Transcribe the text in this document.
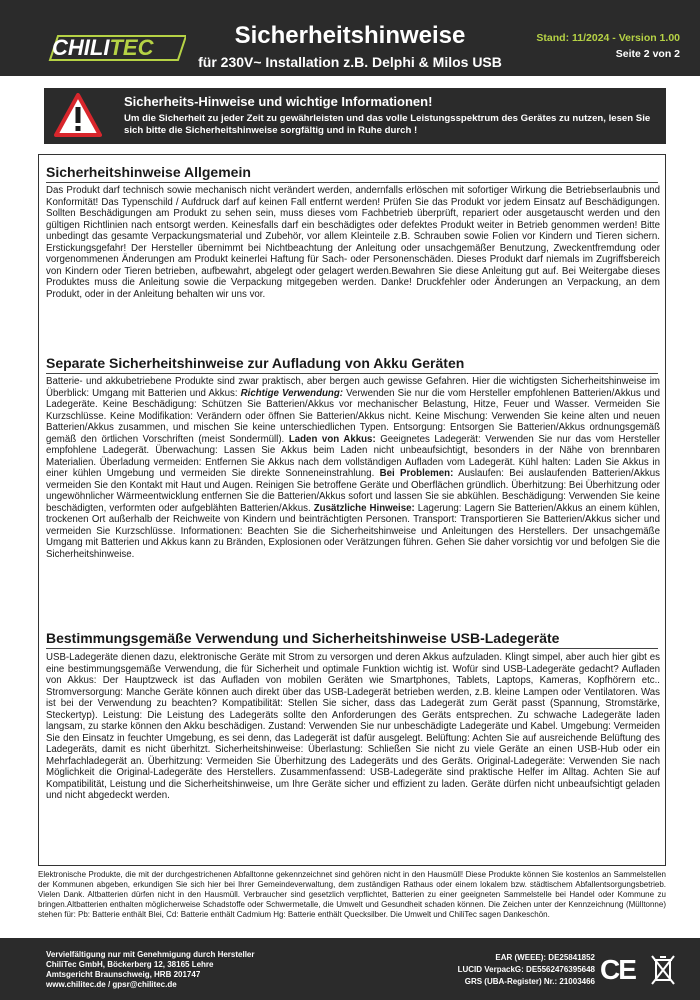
CHILITEC	Sicherheitshinweise
für 230V~ Installation z.B. Delphi & Milos USB
Stand: 11/2024 - Version 1.00
Seite 2 von 2
Sicherheits-Hinweise und wichtige Informationen!
Um die Sicherheit zu jeder Zeit zu gewährleisten und das volle Leistungsspektrum des Gerätes zu nutzen, lesen Sie sich bitte die Sicherheitshinweise sorgfältig und in Ruhe durch !
Sicherheitshinweise Allgemein
Das Produkt darf technisch sowie mechanisch nicht verändert werden, andernfalls erlöschen mit sofortiger Wirkung die Betriebserlaubnis und Konformität! Das Typenschild / Aufdruck darf auf keinen Fall entfernt werden! Prüfen Sie das Produkt vor jedem Einsatz auf Beschädigungen. Sollten Beschädigungen am Produkt zu sehen sein, muss dieses vom Fachbetrieb überprüft, repariert oder ausgetauscht werden und den gültigen Richtlinien nach entsorgt werden. Keinesfalls darf ein beschädigtes oder defektes Produkt weiter in Betrieb genommen werden! Bitte unbedingt das gesamte Verpackungsmaterial und Zubehör, vor allem Kleinteile z.B. Schrauben sowie Folien vor Kindern und Tieren sichern. Erstickungsgefahr! Der Hersteller übernimmt bei Nichtbeachtung der Anleitung oder unsachgemäßer Benutzung, Zweckentfremdung oder vorgenommenen Änderungen am Produkt keinerlei Haftung für Sach- oder Personenschäden. Dieses Produkt darf niemals im Zugriffsbereich von Kindern oder Tieren betrieben, aufbewahrt, abgelegt oder gelagert werden.Bewahren Sie diese Anleitung gut auf. Bei Weitergabe dieses Produktes muss die Anleitung sowie die Verpackung mitgegeben werden. Danke! Druckfehler oder Änderungen an Verpackung, an dem Produkt, oder in der Anleitung behalten wir uns vor.
Separate Sicherheitshinweise zur Aufladung von Akku Geräten
Batterie- und akkubetriebene Produkte sind zwar praktisch, aber bergen auch gewisse Gefahren. Hier die wichtigsten Sicherheitshinweise im Überblick: Umgang mit Batterien und Akkus: Richtige Verwendung: Verwenden Sie nur die vom Hersteller empfohlenen Batterien/Akkus und Ladegeräte. Keine Beschädigung: Schützen Sie Batterien/Akkus vor mechanischer Belastung, Hitze, Feuer und Wasser. Vermeiden Sie Kurzschlüsse. Keine Modifikation: Verändern oder öffnen Sie Batterien/Akkus nicht. Keine Mischung: Verwenden Sie keine alten und neuen Batterien/Akkus zusammen, und mischen Sie keine unterschiedlichen Typen. Entsorgung: Entsorgen Sie Batterien/Akkus ordnungsgemäß gemäß den örtlichen Vorschriften (meist Sondermüll). Laden von Akkus: Geeignetes Ladegerät: Verwenden Sie nur das vom Hersteller empfohlene Ladegerät. Überwachung: Lassen Sie Akkus beim Laden nicht unbeaufsichtigt, besonders in der Nähe von brennbaren Materialien. Überladung vermeiden: Entfernen Sie Akkus nach dem vollständigen Aufladen vom Ladegerät. Kühl halten: Laden Sie Akkus in einer kühlen Umgebung und vermeiden Sie direkte Sonneneinstrahlung. Bei Problemen: Auslaufen: Bei auslaufenden Batterien/Akkus vermeiden Sie den Kontakt mit Haut und Augen. Reinigen Sie betroffene Geräte und Oberflächen gründlich. Überhitzung: Bei Überhitzung oder ungewöhnlicher Wärmeentwicklung entfernen Sie die Batterien/Akkus sofort und lassen Sie sie abkühlen. Beschädigung: Verwenden Sie keine beschädigten, verformten oder aufgeblähten Batterien/Akkus. Zusätzliche Hinweise: Lagerung: Lagern Sie Batterien/Akkus an einem kühlen, trockenen Ort außerhalb der Reichweite von Kindern und beinträchtigten Personen. Transport: Transportieren Sie Batterien/Akkus sicher und vermeiden Sie Kurzschlüsse. Informationen: Beachten Sie die Sicherheitshinweise und Anleitungen des Herstellers. Der unsachgemäße Umgang mit Batterien und Akkus kann zu Bränden, Explosionen oder Verätzungen führen. Gehen Sie daher vorsichtig vor und befolgen Sie die Sicherheitshinweise.
Bestimmungsgemäße Verwendung und Sicherheitshinweise USB-Ladegeräte
USB-Ladegeräte dienen dazu, elektronische Geräte mit Strom zu versorgen und deren Akkus aufzuladen. Klingt simpel, aber auch hier gibt es eine bestimmungsgemäße Verwendung, die für Sicherheit und optimale Funktion wichtig ist. Wofür sind USB-Ladegeräte gedacht? Aufladen von Akkus: Der Hauptzweck ist das Aufladen von mobilen Geräten wie Smartphones, Tablets, Laptops, Kameras, Kopfhörern etc.. Stromversorgung: Manche Geräte können auch direkt über das USB-Ladegerät betrieben werden, z.B. kleine Lampen oder Ventilatoren. Was ist bei der Verwendung zu beachten? Kompatibilität: Stellen Sie sicher, dass das Ladegerät zum Gerät passt (Spannung, Stromstärke, Steckertyp). Leistung: Die Leistung des Ladegeräts sollte den Anforderungen des Geräts entsprechen. Zu schwache Ladegeräte laden langsam, zu starke können den Akku beschädigen. Zustand: Verwenden Sie nur unbeschädigte Ladegeräte und Kabel. Umgebung: Vermeiden Sie den Einsatz in feuchter Umgebung, es sei denn, das Ladegerät ist dafür ausgelegt. Belüftung: Achten Sie auf ausreichende Belüftung des Ladegeräts, damit es nicht überhitzt. Sicherheitshinweise: Überlastung: Schließen Sie nicht zu viele Geräte an einen USB-Hub oder ein Mehrfachladegerät an. Überhitzung: Vermeiden Sie Überhitzung des Ladegeräts und des Geräts. Original-Ladegeräte: Verwenden Sie nach Möglichkeit die Original-Ladegeräte des Herstellers. Zusammenfassend: USB-Ladegeräte sind praktische Helfer im Alltag. Achten Sie auf Kompatibilität, Leistung und die Sicherheitshinweise, um Ihre Geräte sicher und effizient zu laden. Geräte dürfen nicht unbeaufsichtigt geladen und nicht abgedeckt werden.
Elektronische Produkte, die mit der durchgestrichenen Abfalltonne gekennzeichnet sind gehören nicht in den Hausmüll! Diese Produkte können Sie kostenlos an Sammelstellen der Kommunen abgeben, erkundigen Sie sich hier bei Ihrer Gemeindeverwaltung, dem zuständigen Rathaus oder einem lokalem bzw. städtischem Abfallentsorgungsbetrieb. Vielen Dank. Altbatterien dürfen nicht in den Hausmüll. Verbraucher sind gesetzlich verpflichtet, Batterien zu einer geeigneten Sammelstelle bei Handel oder Kommune zu bringen.Altbatterien enthalten möglicherweise Schadstoffe oder Schwermetalle, die Umwelt und Gesundheit schaden können. Die Zeichen unter der Kennzeichnung (Mülltonne) stehen für: Pb: Batterie enthält Blei, Cd: Batterie enthält Cadmium Hg: Batterie enthält Quecksilber. Die Umwelt und ChiliTec sagen Dankeschön.
Vervielfältigung nur mit Genehmigung durch Hersteller
ChiliTec GmbH, Böckerberg 12, 38165 Lehre
Amtsgericht Braunschweig, HRB 201747
www.chilitec.de / gpsr@chilitec.de
EAR (WEEE): DE25841852
LUCID VerpackG: DE5562476395648
GRS (UBA-Register) Nr.: 21003466 CE
